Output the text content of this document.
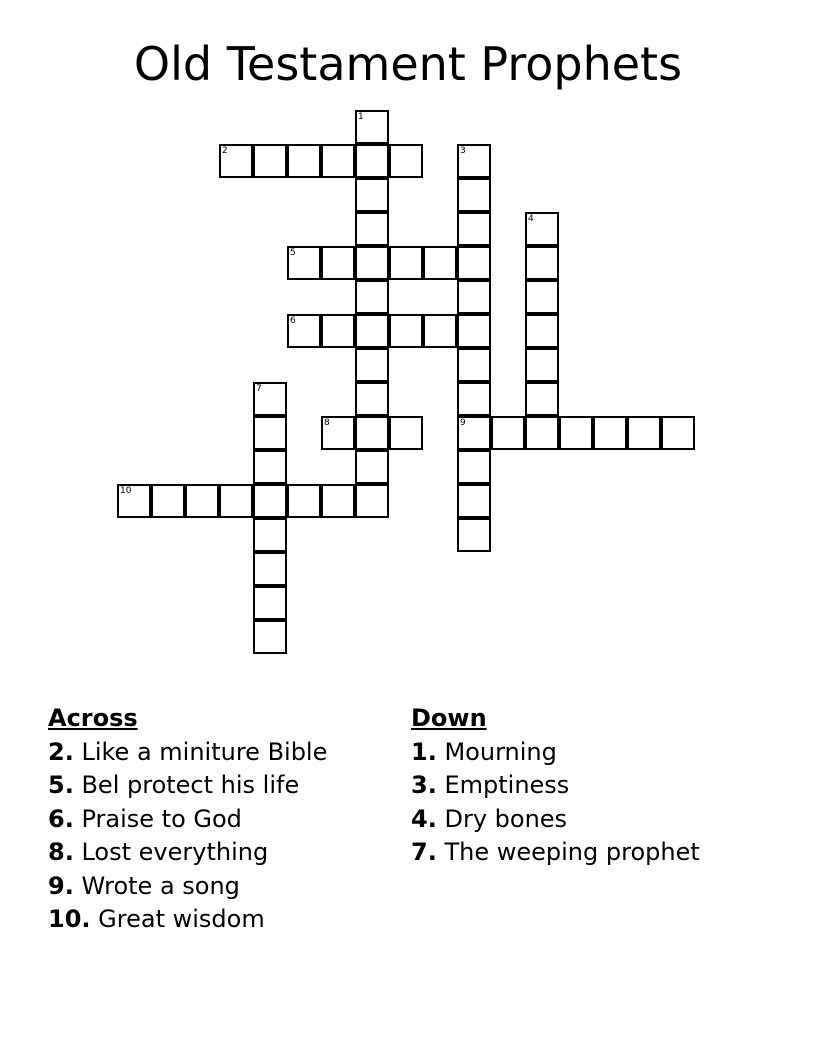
Old Testament Prophets
1
2	3
9
4
5
6
7
8
10
Across
2. Like a miniture Bible
5. Bel protect his life
6. Praise to God
8. Lost everything
9. Wrote a song
10. Great wisdom
Down
1. Mourning
3. Emptiness
4. Dry bones
7. The weeping prophet
